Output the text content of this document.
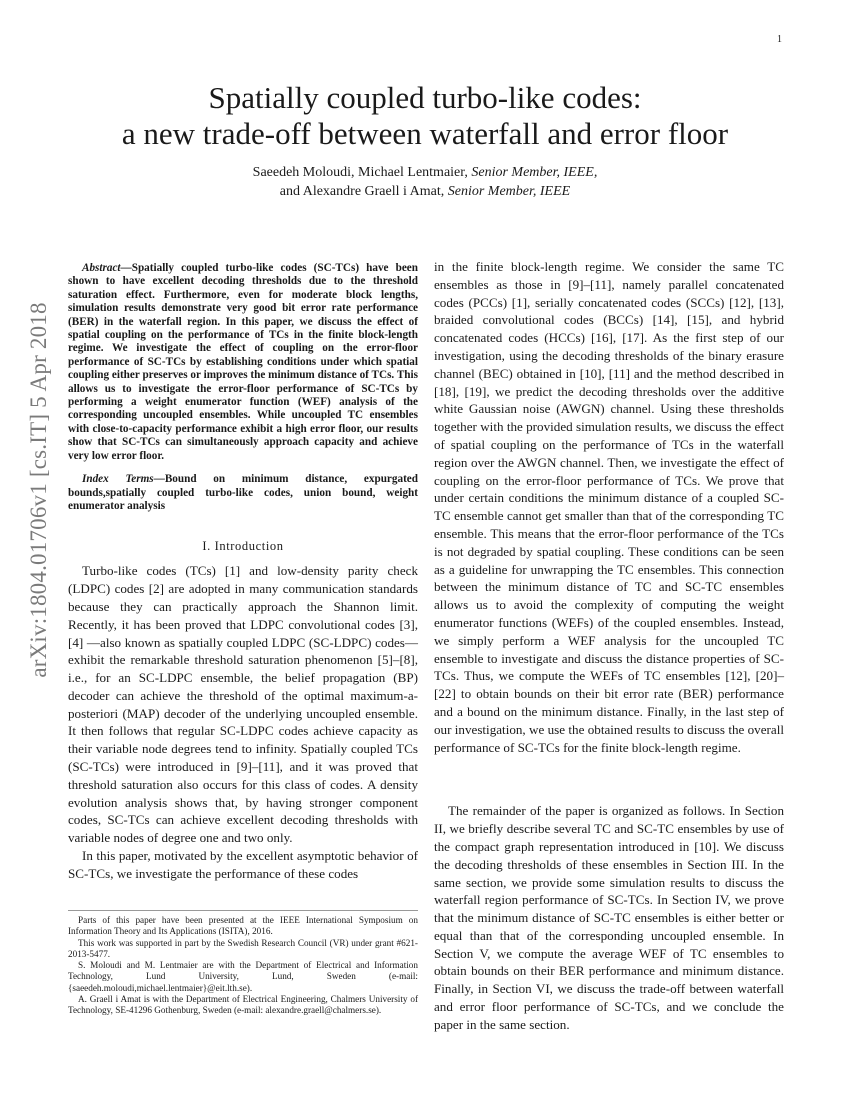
1
arXiv:1804.01706v1 [cs.IT] 5 Apr 2018
Spatially coupled turbo-like codes:
a new trade-off between waterfall and error floor
Saeedeh Moloudi, Michael Lentmaier, Senior Member, IEEE,
and Alexandre Graell i Amat, Senior Member, IEEE

Abstract—Spatially coupled turbo-like codes (SC-TCs) have been shown to have excellent decoding thresholds due to the threshold saturation effect. Furthermore, even for moderate block lengths, simulation results demonstrate very good bit error rate performance (BER) in the waterfall region. In this paper, we discuss the effect of spatial coupling on the performance of TCs in the finite block-length regime. We investigate the effect of coupling on the error-floor performance of SC-TCs by establishing conditions under which spatial coupling either preserves or improves the minimum distance of TCs. This allows us to investigate the error-floor performance of SC-TCs by performing a weight enumerator function (WEF) analysis of the corresponding uncoupled ensembles. While uncoupled TC ensembles with close-to-capacity performance exhibit a high error floor, our results show that SC-TCs can simultaneously approach capacity and achieve very low error floor.

Index Terms—Bound on minimum distance, expurgated bounds,spatially coupled turbo-like codes, union bound, weight enumerator analysis

I. Introduction

Turbo-like codes (TCs) [1] and low-density parity check (LDPC) codes [2] are adopted in many communication standards because they can practically approach the Shannon limit. Recently, it has been proved that LDPC convolutional codes [3], [4] —also known as spatially coupled LDPC (SC-LDPC) codes—exhibit the remarkable threshold saturation phenomenon [5]–[8], i.e., for an SC-LDPC ensemble, the belief propagation (BP) decoder can achieve the threshold of the optimal maximum-a-posteriori (MAP) decoder of the underlying uncoupled ensemble. It then follows that regular SC-LDPC codes achieve capacity as their variable node degrees tend to infinity. Spatially coupled TCs (SC-TCs) were introduced in [9]–[11], and it was proved that threshold saturation also occurs for this class of codes. A density evolution analysis shows that, by having stronger component codes, SC-TCs can achieve excellent decoding thresholds with variable nodes of degree one and two only.

In this paper, motivated by the excellent asymptotic behavior of SC-TCs, we investigate the performance of these codes

in the finite block-length regime. We consider the same TC ensembles as those in [9]–[11], namely parallel concatenated codes (PCCs) [1], serially concatenated codes (SCCs) [12], [13], braided convolutional codes (BCCs) [14], [15], and hybrid concatenated codes (HCCs) [16], [17]. As the first step of our investigation, using the decoding thresholds of the binary erasure channel (BEC) obtained in [10], [11] and the method described in [18], [19], we predict the decoding thresholds over the additive white Gaussian noise (AWGN) channel. Using these thresholds together with the provided simulation results, we discuss the effect of spatial coupling on the performance of TCs in the waterfall region over the AWGN channel. Then, we investigate the effect of coupling on the error-floor performance of TCs. We prove that under certain conditions the minimum distance of a coupled SC-TC ensemble cannot get smaller than that of the corresponding TC ensemble. This means that the error-floor performance of the TCs is not degraded by spatial coupling. These conditions can be seen as a guideline for unwrapping the TC ensembles. This connection between the minimum distance of TC and SC-TC ensembles allows us to avoid the complexity of computing the weight enumerator functions (WEFs) of the coupled ensembles. Instead, we simply perform a WEF analysis for the uncoupled TC ensemble to investigate and discuss the distance properties of SC-TCs. Thus, we compute the WEFs of TC ensembles [12], [20]–[22] to obtain bounds on their bit error rate (BER) performance and a bound on the minimum distance. Finally, in the last step of our investigation, we use the obtained results to discuss the overall performance of SC-TCs for the finite block-length regime.

The remainder of the paper is organized as follows. In Section II, we briefly describe several TC and SC-TC ensembles by use of the compact graph representation introduced in [10]. We discuss the decoding thresholds of these ensembles in Section III. In the same section, we provide some simulation results to discuss the waterfall region performance of SC-TCs. In Section IV, we prove that the minimum distance of SC-TC ensembles is either better or equal than that of the corresponding uncoupled ensemble. In Section V, we compute the average WEF of TC ensembles to obtain bounds on their BER performance and minimum distance. Finally, in Section VI, we discuss the trade-off between waterfall and error floor performance of SC-TCs, and we conclude the paper in the same section.

Parts of this paper have been presented at the IEEE International Symposium on Information Theory and Its Applications (ISITA), 2016.

This work was supported in part by the Swedish Research Council (VR) under grant #621-2013-5477.

S. Moloudi and M. Lentmaier are with the Department of Electrical and Information Technology, Lund University, Lund, Sweden (e-mail: {saeedeh.moloudi,michael.lentmaier}@eit.lth.se).

A. Graell i Amat is with the Department of Electrical Engineering, Chalmers University of Technology, SE-41296 Gothenburg, Sweden (e-mail: alexandre.graell@chalmers.se).
